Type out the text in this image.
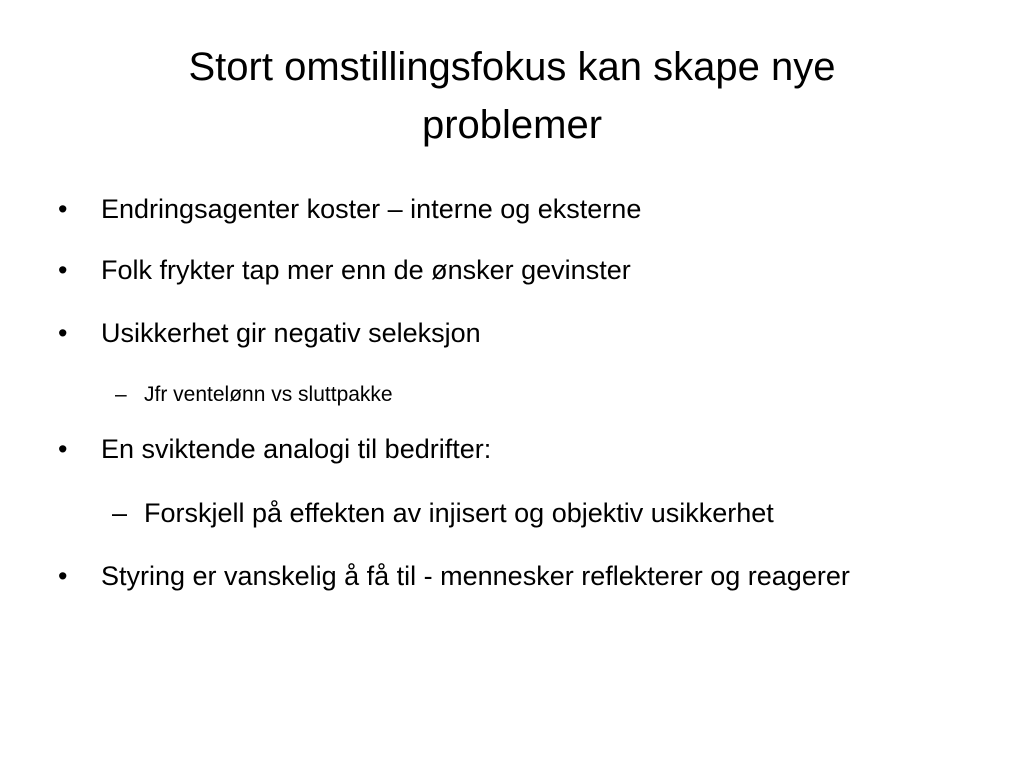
Stort omstillingsfokus kan skape nye problemer
• Endringsagenter koster – interne og eksterne
• Folk frykter tap mer enn de ønsker gevinster
• Usikkerhet gir negativ seleksjon
– Jfr ventelønn vs sluttpakke
• En sviktende analogi til bedrifter:
– Forskjell på effekten av injisert og objektiv usikkerhet
• Styring er vanskelig å få til - mennesker reflekterer og reagerer
